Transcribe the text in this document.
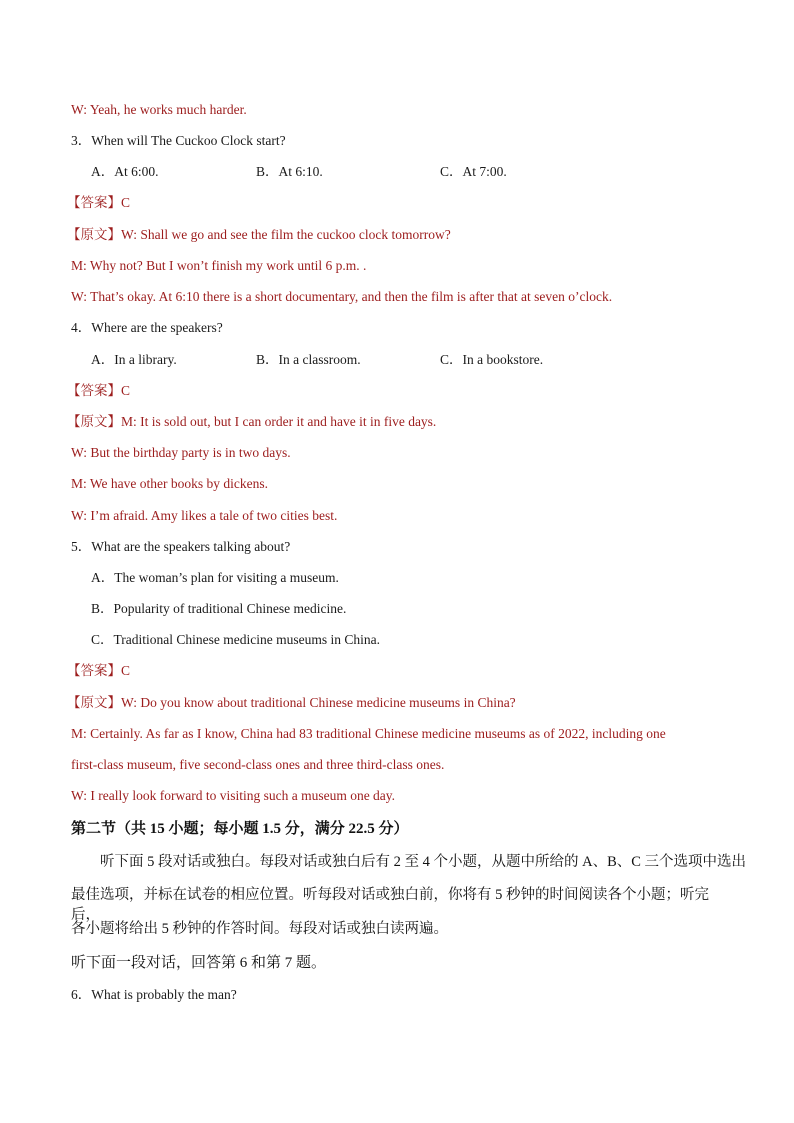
W: Yeah, he works much harder.
3．When will The Cuckoo Clock start?
A．At 6:00.	B．At 6:10.	C．At 7:00.
【答案】C
【原文】W: Shall we go and see the film the cuckoo clock tomorrow?
M: Why not? But I won’t finish my work until 6 p.m. .
W: That’s okay. At 6:10 there is a short documentary, and then the film is after that at seven o’clock.
4．Where are the speakers?
A．In a library.	B．In a classroom.	C．In a bookstore.
【答案】C
【原文】M: It is sold out, but I can order it and have it in five days.
W: But the birthday party is in two days.
M: We have other books by dickens.
W: I’m afraid. Amy likes a tale of two cities best.
5．What are the speakers talking about?
A．The woman’s plan for visiting a museum.
B．Popularity of traditional Chinese medicine.
C．Traditional Chinese medicine museums in China.
【答案】C
【原文】W: Do you know about traditional Chinese medicine museums in China?
M: Certainly. As far as I know, China had 83 traditional Chinese medicine museums as of 2022, including one
first-class museum, five second-class ones and three third-class ones.
W: I really look forward to visiting such a museum one day.
第二节（共 15 小题；每小题 1.5 分，满分 22.5 分）
听下面 5 段对话或独白。每段对话或独白后有 2 至 4 个小题，从题中所给的 A、B、C 三个选项中选出
最佳选项，并标在试卷的相应位置。听每段对话或独白前，你将有 5 秒钟的时间阅读各个小题；听完后，
各小题将给出 5 秒钟的作答时间。每段对话或独白读两遍。
听下面一段对话，回答第 6 和第 7 题。
6．What is probably the man?
